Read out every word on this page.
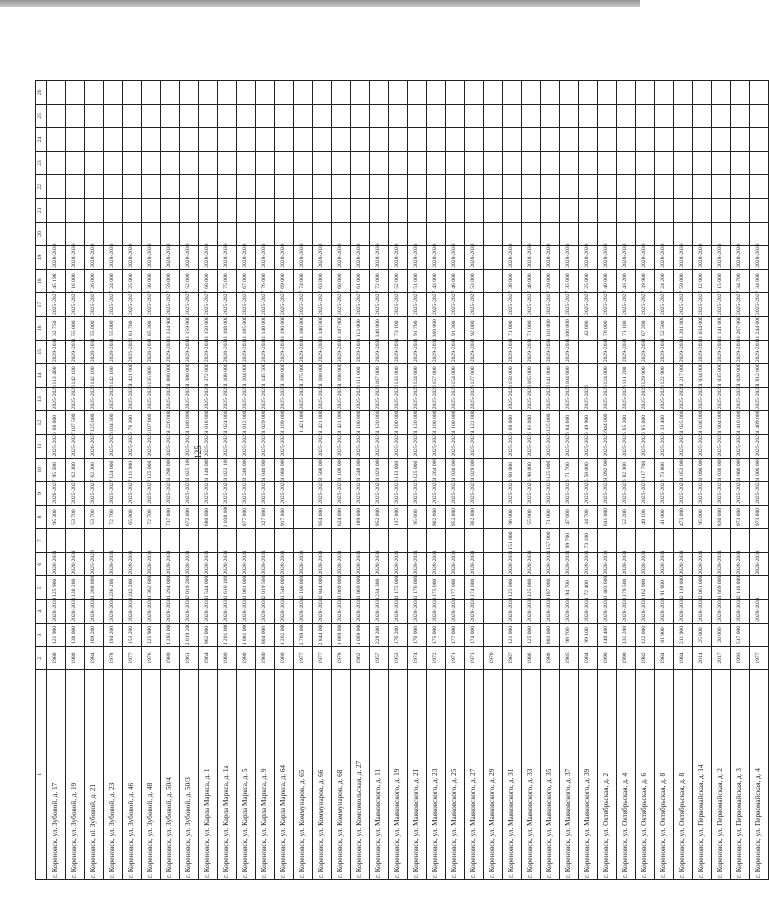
125
1	2	3	4	5	6	7	8	9	10	11	12	13	14	15	16	17	18	19	20	21	22	23	24	25	26
г. Кореновск, ул. Зубовой, д. 17	1988	121 900	2028-2031	125 900	2028-2031		95 300	2026-2027	95 500	2025-2026	60 000	2025-2026	113 400	2029-2031	32 750	2025-2027	45 198	2028-2030							
г. Кореновск, ул. Зубовой, д. 19	1988	138 000	2028-2031	138 200	2028-2031		53 700	2025-2027	62 300	2025-2027	107 500	2025-2026	142 100	2029-2031	55 000	2025-2027	16 000	2028-2030							
г. Кореновск, ul. Зубовой, д. 21	1984	169 200	2028-2031	1 288 800	2025-2028		53 700	2025-2027	62 300	2026-2027	125 000	2025-2026	142 100	2028-2031	55 000	2025-2027	26 000	2028-2030							
г. Кореновск, ул. Зубовой, д. 23	1978	194 200	2028-2031	236 200	2028-2031		72 700	2025-2027	124 000	2025-2026	104 300	2025-2026	142 100	2028-2031	55 000	2025-2027	24 000	2028-2030							
г. Кореновск, ул. Зубовой, д. 46	1977	153 200	2028-2031	242 200	2028-2031		65 800	2025-2027	111 900	2025-2026	76 300	2025-2026	1 421 000	2025-2026	81 700	2025-2027	25 000	2028-2030							
г. Кореновск, ул. Зубовой, д. 48	1976	125 900	2028-2031	1 362 600	2028-2031		72 700	2025-2027	125 000	2025-2026	107 000	2025-2026	135 800	2028-2031	85 300	2025-2027	30 000	2028-2030							
г. Кореновск, ул. Зубовой, д. 50/4	1980	1 283 000	2028-2031	1 294 000	2028-2031		737 000	2025-2026	1 290 000	2025-2026	1 226 000	2025-2026	1 080 000	2029-2031	1 134 900	2025-2027	59 000	2028-2030							
г. Кореновск, ул. Зубовой, д. 50/3	1961	2 019 200	2028-2031	2 019 200	2028-2031		672 000	2025-2026	1 025 100	2025-2026	1 180 800	2025-2026	1 380 000	2029-2031	1 159 000	2025-2027	52 000	2028-2030							
г. Кореновск, ул. Карла Маркса, д. 1	1964	962 000	2028-2031	1 544 000	2028-2031		680 000	2025-2026	1 140 000	2025-2026	1 018 000	2025-2026	1 372 000	2029-2031	1 150 000	2025-2027	68 000	2028-2030							
г. Кореновск, ул. Карла Маркса, д. 1а	1980	1 201 000	2028-2031	1 610 100	2028-2031		1 038 000	2025-2026	1 022 100	2025-2026	1 024 000	2025-2026	1 108 000	2028-2031	1 108 000	2025-2027	75 000	2028-2030							
г. Кореновск, ул. Карла Маркса, д. 5	1980	1 081 000	2028-2031	1 081 000	2028-2031		877 000	2025-2026	1 240 000	2025-2026	1 012 000	2025-2026	1 104 000	2029-2031	1 185 000	2025-2027	67 000	2028-2030							
г. Кореновск, ул. Карла Маркса, д. 9	1980	804 000	2028-2031	2 019 500	2028-2031		327 000	2025-2026	1 040 000	2025-2026	1 029 000	2025-2026	1 145 500	2029-2031	1 140 000	2025-2027	76 000	2028-2030							
г. Кореновск, ул. Карла Маркса, д. 64	1980	1 262 000	2028-2031	1 546 000	2028-2031		917 000	2025-2026	1 080 000	2025-2026	1 109 000	2025-2026	1 180 000	2029-2031	1 190 000	2025-2027	69 000	2028-2030							
г. Кореновск, ул. Коммунаров, д. 65	1977	2 769 000	2028-2031	2 100 000	2028-2031						1 421 000	2025-2026	1 375 000	2029-2031	1 180 000	2025-2027	74 000	2028-2030							
г. Кореновск, ул. Коммунаров, д. 66	1977	2 844 000	2028-2031	2 844 000	2028-2031		954 000	2025-2026	1 508 000	2025-2026	1 421 000	2025-2026	1 108 000	2029-2031	1 140 000	2025-2027	63 000	2028-2030							
г. Кореновск, ул. Коммунаров, д. 68	1978	1 069 000	2028-2031	1 069 000	2028-2031		624 000	2025-2026	1 108 000	2025-2026	1 421 000	2025-2026	1 108 000	2029-2031	1 187 000	2025-2027	60 000	2028-2030							
г. Кореновск, ул. Комсомольская, д. 27	1962	1 069 000	2028-2031	1 069 000	2028-2031		189 000	2025-2026	1 248 000	2025-2026	1 100 000	2025-2026	111 000	2029-2031	113 000	2025-2027	61 000	2028-2030							
г. Кореновск, ул. Маяковского, д. 11	1957	228 200	2028-2031	234 300	2028-2031		952 000	2025-2026	1 029 000	2025-2026	1 120 000	2025-2026	167 000	2029-2031	140 000	2025-2027	72 000	2028-2030							
г. Кореновск, ул. Маяковского, д. 19	1953	176 200	2028-2031	1 175 000	2028-2031		137 000	2025-2026	113 000	2025-2026	1 100 000	2025-2026	133 000	2029-2031	73 100	2025-2027	52 000	2028-2030							
г. Кореновск, ул. Маяковского, д. 21	1974	176 000	2028-2031	1 176 000	2028-2031		95 600	2025-2026	125 000	2025-2026	1 120 000	2025-2026	124 000	2029-2031	91 700	2025-2027	51 000	2028-2030							
г. Кореновск, ул. Маяковского, д. 23	1972	175 000	2028-2031	175 000	2028-2031		962 000	2025-2026	1 264 000	2025-2026	1 100 000	2025-2026	157 000	2029-2031	160 000	2025-2027	43 000	2028-2030							
г. Кореновск, ул. Маяковского, д. 25	1971	177 000	2028-2031	177 000	2028-2031		952 000	2025-2026	1 030 000	2025-2026	1 100 000	2025-2026	154 000	2029-2031	91 300	2025-2027	46 000	2028-2030							
г. Кореновск, ул. Маяковского, д. 27	1971	174 000	2028-2031	174 000	2028-2031		362 000	2025-2026	1 029 000	2025-2026	1 122 000	2025-2026	127 000	2029-2031	92 000	2025-2027	53 000	2028-2030							
г. Кореновск, ул. Маяковского, д. 29	1970																								
г. Кореновск, ул. Маяковского, д. 31	1987	121 000	2028-2031	125 000	2028-2031	151 000	96 000	2025-2026	60 000	2025-2026	60 000	2025-2026	158 000	2029-2031	71 000	2025-2027	38 000	2028-2030							
г. Кореновск, ул. Маяковского, д. 33	1986	125 000	2028-2031	125 000	2028-2031		55 000	2025-2026	98 000	2025-2026	81 000	2025-2026	165 000	2029-2031	71 000	2025-2027	40 000	2028-2030							
г. Кореновск, ул. Маяковского, д. 35	1986	883 000	2028-2031	187 000	2028-2031	157 000	71 000	2025-2026	125 000	2025-2026	125 000	2025-2026	141 000	2029-2031	110 000	2025-2027	29 000	2028-2030							
г. Кореновск, ул. Маяковского, д. 37	1985	98 700	2028-2031	94 700	2028-2031	99 700	47 000	2025-2026	71 700	2025-2026	84 600	2025-2026	104 000	2029-2031	100 000	2025-2027	35 000	2028-2030							
г. Кореновск, ул. Маяковского, д. 39	1984	99 100	2028-2031	72 400	2028-2031	73 100	34 700	2025-2026	58 000	2025-2026	49 900	2025-2026			42 000	2025-2027	25 000	2028-2030							
г. Кореновск, ул. Октябрьская, д. 2	1990	140 400	2028-2031	1 403 600	2028-2031		641 000	2025-2026	1 092 000	2025-2026	944 000	2025-2026	124 000	2029-2031	70 000	2025-2027	40 000	2028-2030							
г. Кореновск, ул. Октябрьская, д. 4	1990	131 200	2028-2031	179 500	2028-2031		52 200	2025-2026	82 300	2025-2026	65 300	2025-2026	111 200	2029-2031	71 100	2025-2027	43 200	2028-2030							
г. Кореновск, ул. Октябрьская, д. 6	1982	122 000	2028-2031	162 900	2028-2031		49 100	2025-2026	117 700	2025-2026	85 000	2025-2026	129 900	2029-2031	67 200	2025-2027	39 900	2028-2030							
г. Кореновск, ул. Октябрьская, д. 8	1984	81 900	2028-2031	91 600	2028-2031		41 000	2025-2026	73 800	2025-2026	33 400	2025-2026	122 900	2029-2031	52 500	2025-2027	24 200	2028-2030							
г. Кореновск, ул. Октябрьская, д. 8	1984	211 900	2028-2031	2 118 000	2028-2031		473 000	2025-2026	1 053 000	2025-2026	1 025 000	2025-2026	1 217 000	2029-2031	1 201 000	2025-2027	59 000	2028-2030							
г. Кореновск, ул. Первомайская, д. 14	2014	25 000	2028-2031	2 061 000	2028-2031		95 000	2025-2026	1 090 000	2025-2026	1 038 000	2025-2026	1 034 000	2029-2031	1 034 000	2025-2027	12 000	2028-2030							
г. Кореновск, ул. Первомайская, д. 2	2017	20 000	2028-2031	1 669 000	2028-2031		830 000	2025-2026	1 036 000	2025-2026	1 004 000	2025-2026	1 035 000	2029-2031	1 141 000	2025-2027	15 000	2028-2030							
г. Кореновск, ул. Первомайская, д. 3	1993	517 000	2028-2031	2 116 000	2028-2031		973 000	2025-2026	1 006 000	2025-2026	1 410 000	2025-2026	1 020 000	2029-2031	1 267 000	2025-2027	34 700	2028-2030							
г. Кореновск, ул. Первомайская, д. 4	1977		2028-2031		2028-2031		973 000	2025-2026	1 006 000	2025-2026	1 409 000	2025-2026	1 012 000	2029-2031	1 244 000	2025-2027	34 000	2028-2030							
